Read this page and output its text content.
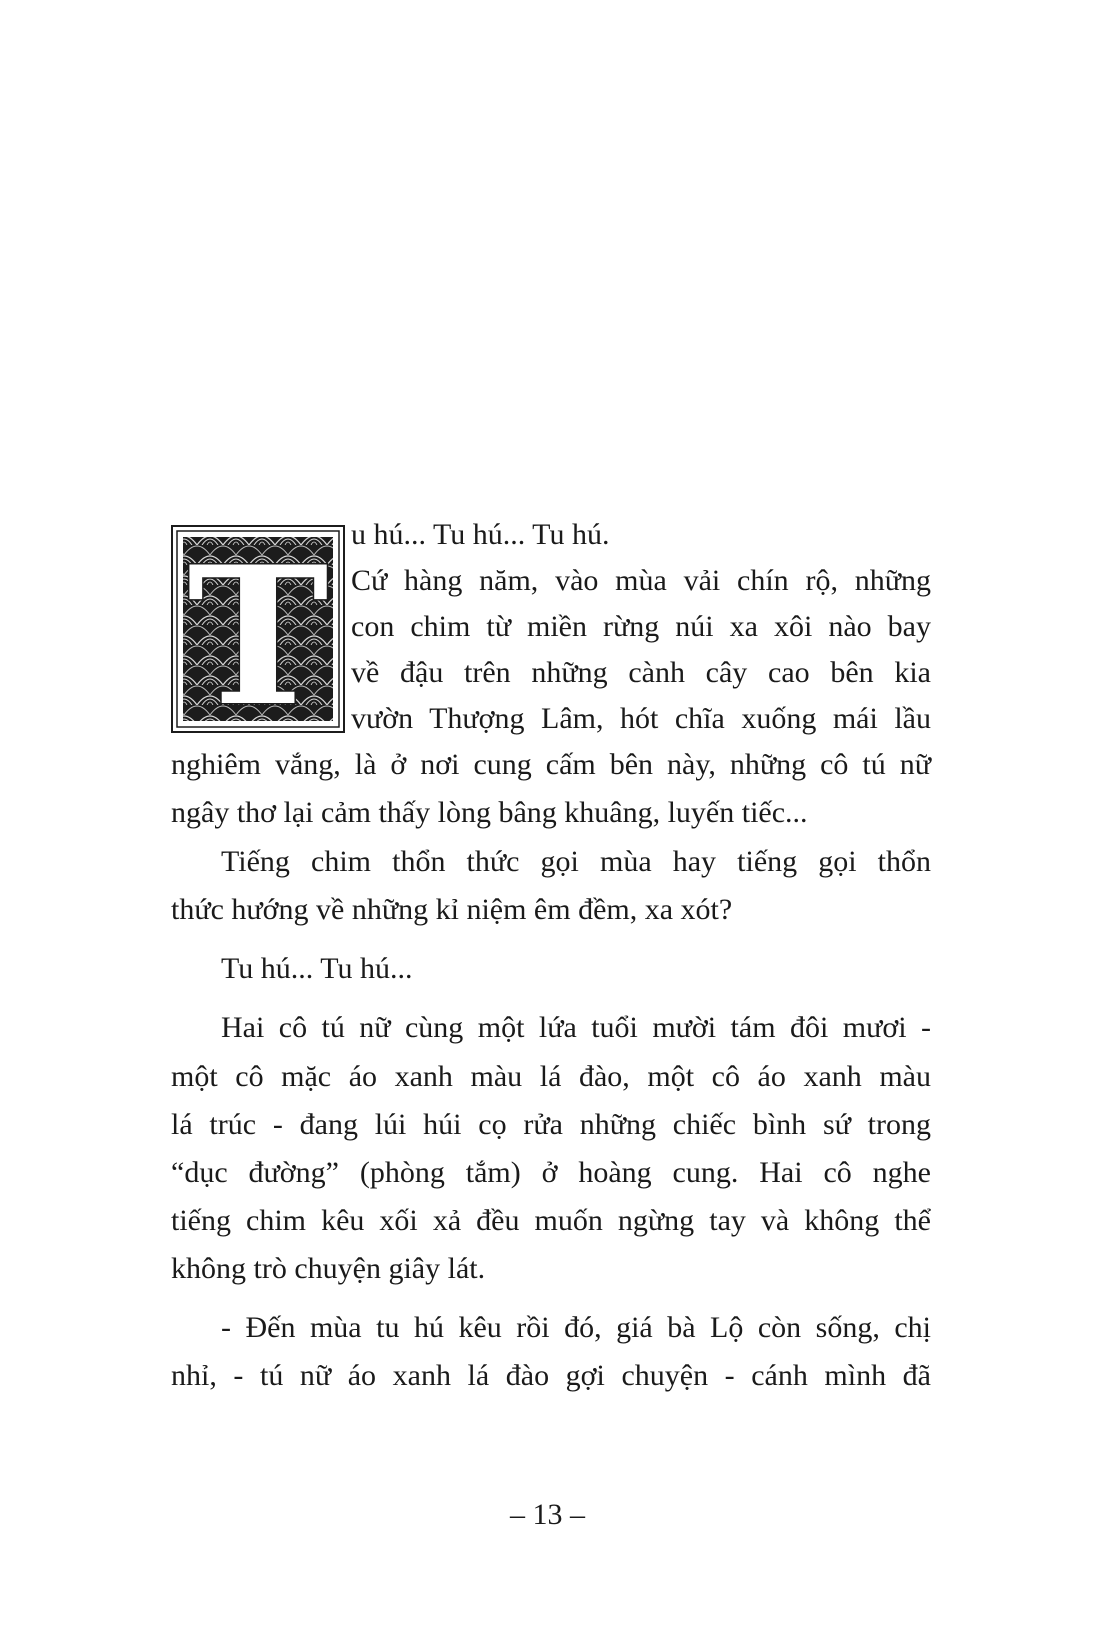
T u hú... Tu hú... Tu hú.
Cứ hàng năm, vào mùa vải chín rộ, những
con chim từ miền rừng núi xa xôi nào bay
về đậu trên những cành cây cao bên kia
vườn Thượng Lâm, hót chĩa xuống mái lầu
nghiêm vắng, là ở nơi cung cấm bên này, những cô tú nữ
ngây thơ lại cảm thấy lòng bâng khuâng, luyến tiếc...
Tiếng chim thổn thức gọi mùa hay tiếng gọi thổn
thức hướng về những kỉ niệm êm đềm, xa xót?
Tu hú... Tu hú...
Hai cô tú nữ cùng một lứa tuổi mười tám đôi mươi -
một cô mặc áo xanh màu lá đào, một cô áo xanh màu
lá trúc - đang lúi húi cọ rửa những chiếc bình sứ trong
“dục đường” (phòng tắm) ở hoàng cung. Hai cô nghe
tiếng chim kêu xối xả đều muốn ngừng tay và không thể
không trò chuyện giây lát.
- Đến mùa tu hú kêu rồi đó, giá bà Lộ còn sống, chị
nhỉ, - tú nữ áo xanh lá đào gợi chuyện - cánh mình đã
– 13 –
